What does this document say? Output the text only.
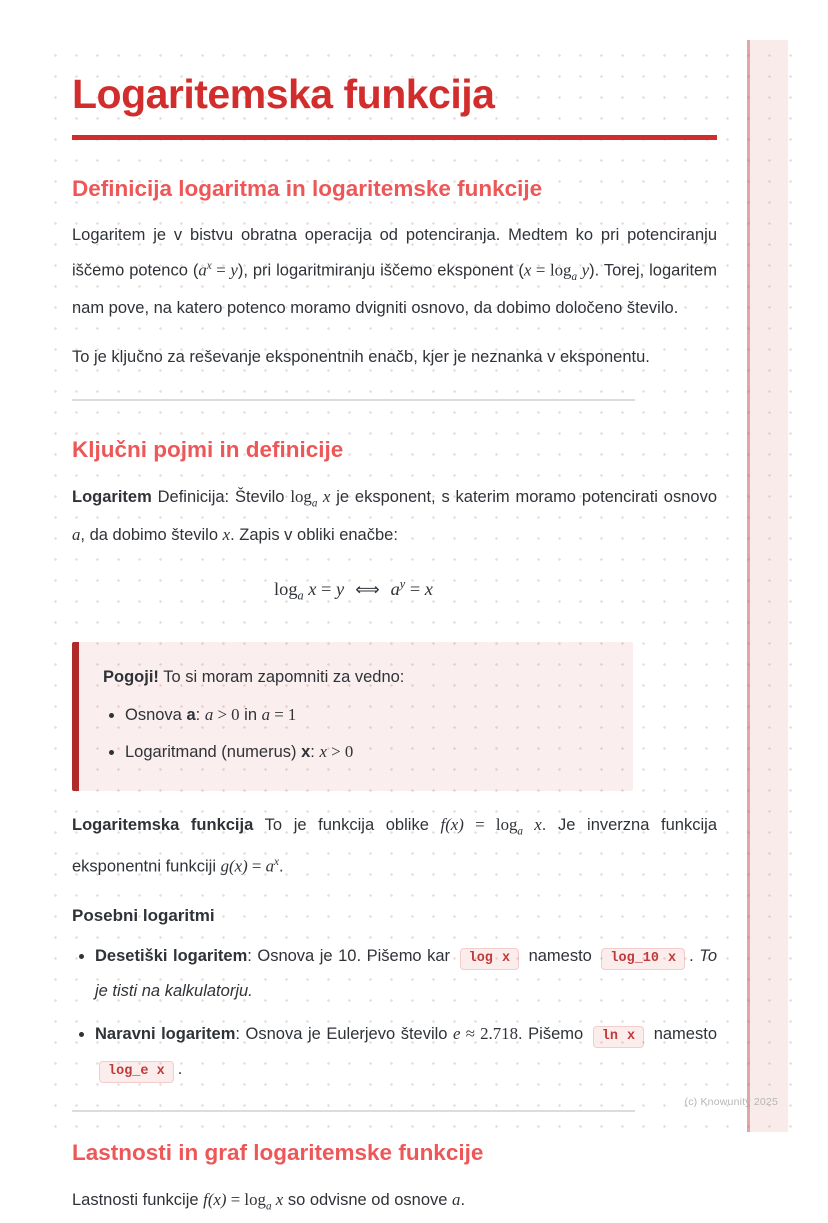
Logaritemska funkcija
Definicija logaritma in logaritemske funkcije

Logaritem je v bistvu obratna operacija od potenciranja. Medtem ko pri potenciranju iščemo potenco $(a^x = y)$, pri logaritmiranju iščemo eksponent $(x = \log_a y)$. Torej, logaritem nam pove, na katero potenco moramo dvigniti osnovo, da dobimo določeno število.

To je ključno za reševanje eksponentnih enačb, kjer je neznanka v eksponentu.

Ključni pojmi in definicije

Logaritem Definicija: Število $\log_a x$ je eksponent, s katerim moramo potencirati osnovo a, da dobimo število x. Zapis v obliki enačbe:

$\log_a x = y$ ⟺ $a^y = x$

Pogoji! To si moram zapomniti za vedno:

• Osnova a: a > 0 in a = 1
• Logaritmand (numerus) x: x > 0

Logaritemska funkcija To je funkcija oblike $f(x) = \log_a x$. Je inverzna funkcija eksponentni funkciji $g(x) = a^x$.

Posebni logaritmi
• Desetiški logaritem: Osnova je 10. Pišemo kar log x namesto log_10 x . To je tisti na kalkulatorju.
• Naravni logaritem: Osnova je Eulerjevo število e ≈ 2.718. Pišemo ln x namesto log_e x .
Lastnosti in graf logaritemske funkcije

Lastnosti funkcije $f(x) = \log_a x$ so odvisne od osnove a.

(c) Knowunity 2025
